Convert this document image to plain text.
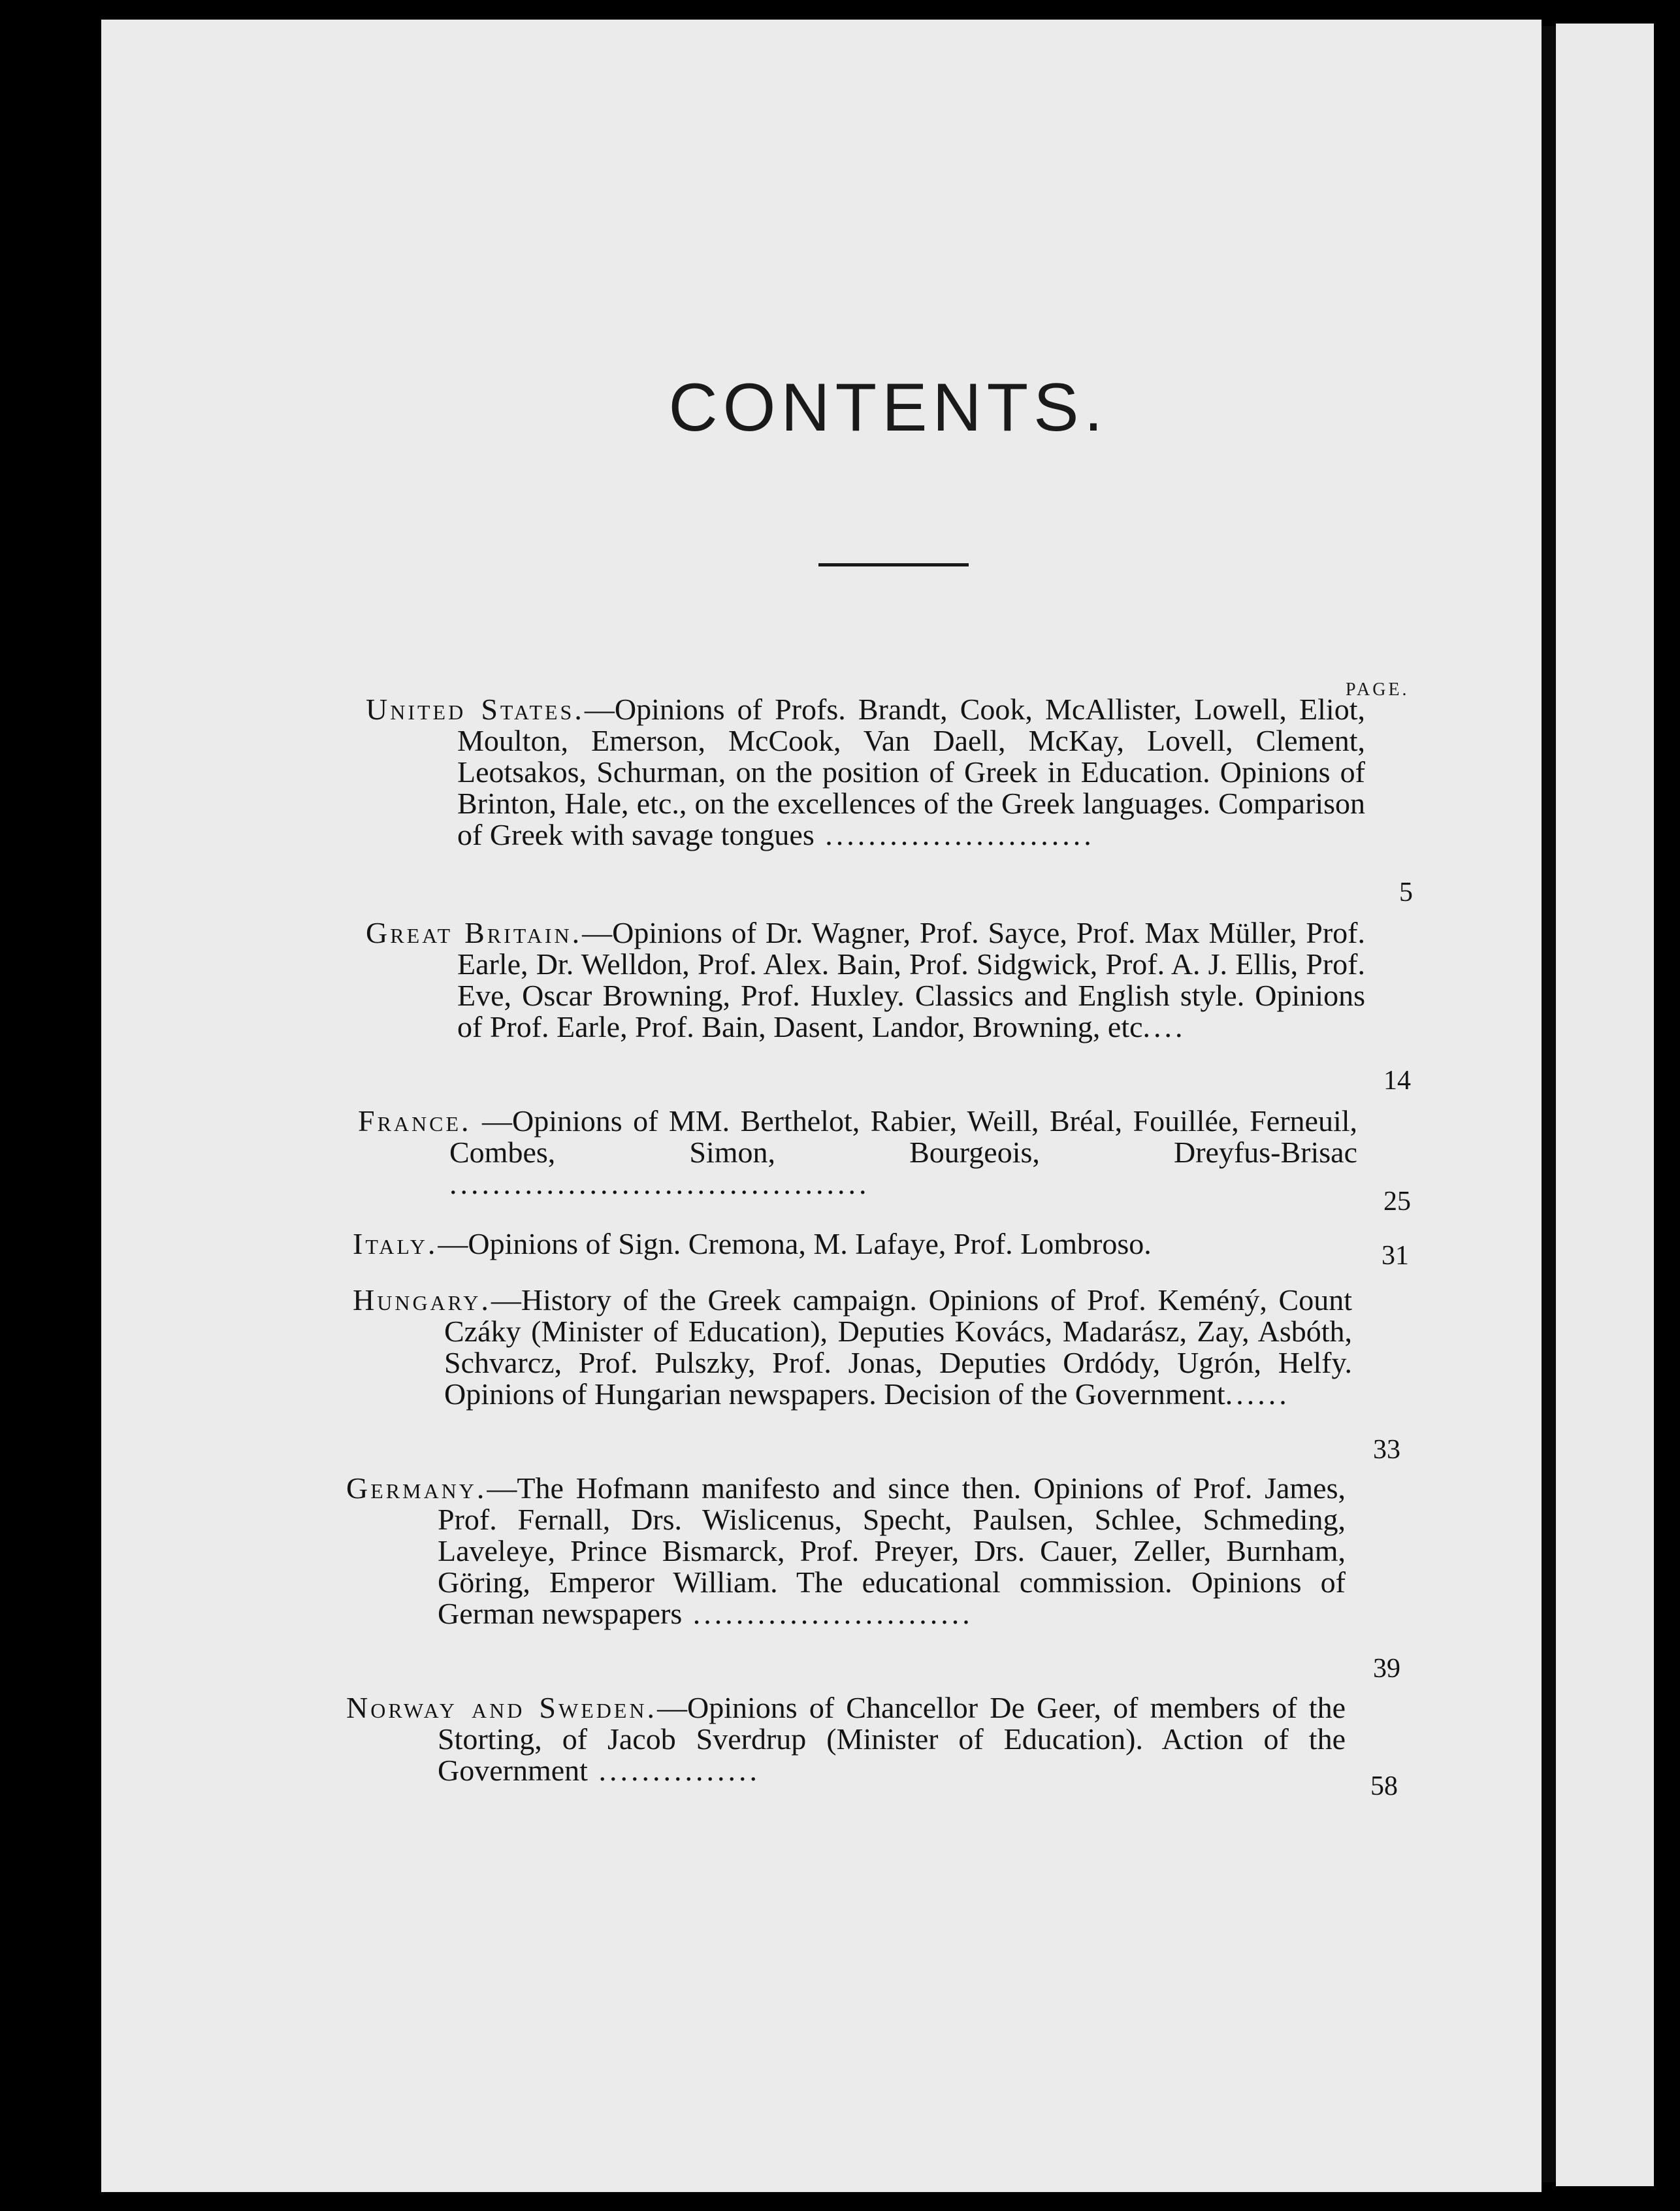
CONTENTS.
PAGE.
United States.—Opinions of Profs. Brandt, Cook, McAllister, Lowell, Eliot, Moulton, Emerson, McCook, Van Daell, McKay, Lovell, Clement, Leotsakos, Schurman, on the position of Greek in Education. Opinions of Brinton, Hale, etc., on the excellences of the Greek languages. Comparison of Greek with savage tongues .........................
5
Great Britain.—Opinions of Dr. Wagner, Prof. Sayce, Prof. Max Müller, Prof. Earle, Dr. Welldon, Prof. Alex. Bain, Prof. Sidgwick, Prof. A. J. Ellis, Prof. Eve, Oscar Browning, Prof. Huxley. Classics and English style. Opinions of Prof. Earle, Prof. Bain, Dasent, Landor, Browning, etc....
14
France. —Opinions of MM. Berthelot, Rabier, Weill, Bréal, Fouillée, Ferneuil, Combes, Simon, Bourgeois, Dreyfus-Brisac .......................................
25
Italy.—Opinions of Sign. Cremona, M. Lafaye, Prof. Lombroso.	31
Hungary.—History of the Greek campaign. Opinions of Prof. Keméný, Count Czáky (Minister of Education), Deputies Kovács, Madarász, Zay, Asbóth, Schvarcz, Prof. Pulszky, Prof. Jonas, Deputies Ordódy, Ugrón, Helfy. Opinions of Hungarian newspapers. Decision of the Government......
33
Germany.—The Hofmann manifesto and since then. Opinions of Prof. James, Prof. Fernall, Drs. Wislicenus, Specht, Paulsen, Schlee, Schmeding, Laveleye, Prince Bismarck, Prof. Preyer, Drs. Cauer, Zeller, Burnham, Göring, Emperor William. The educational commission. Opinions of German newspapers ..........................
39
Norway and Sweden.—Opinions of Chancellor De Geer, of members of the Storting, of Jacob Sverdrup (Minister of Education). Action of the Government ...............	58
